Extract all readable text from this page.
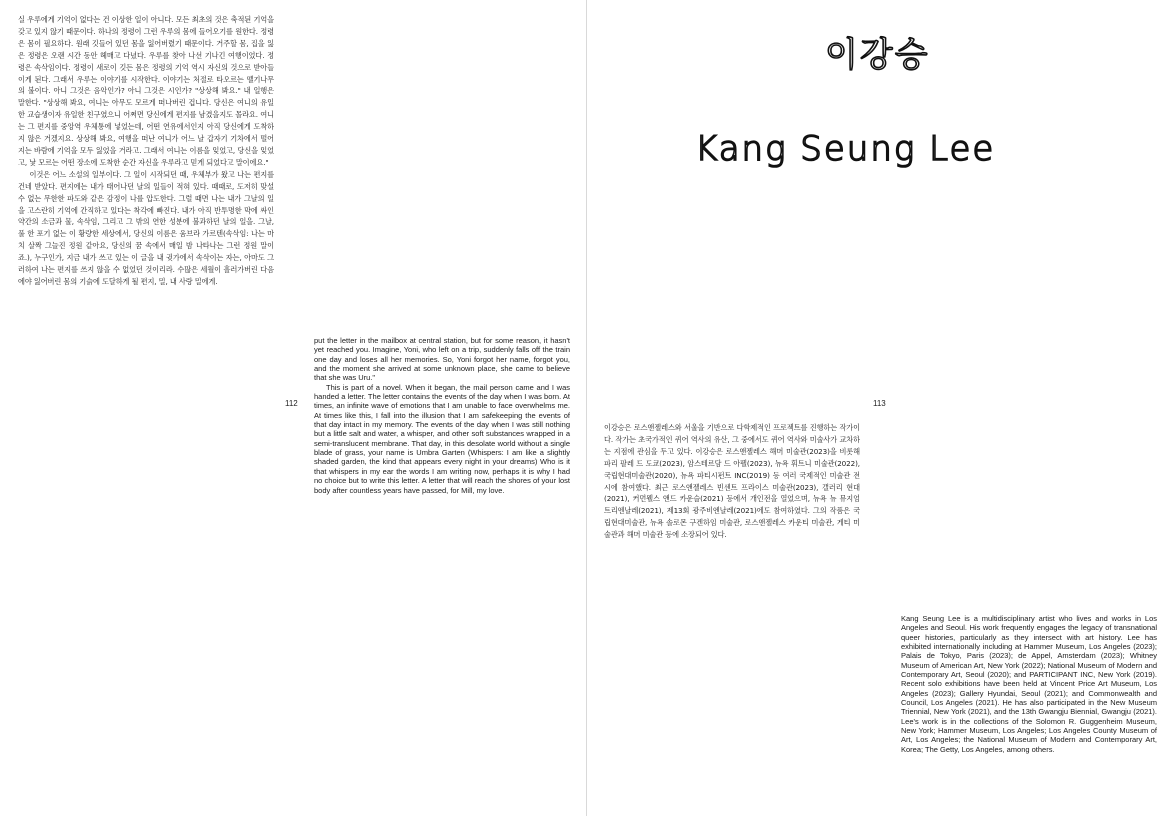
실 우루에게 기억이 없다는 건 이상한 일이 아니다. 모든 최초의 것은 축적된 기억을 갖고 있지 않기 때문이다. 하나의 정령이 그런 우루의 몸에 들어오기를 원한다. 정령은 몸이 필요하다. 원래 깃들어 있던 몸을 잃어버렸기 때문이다. 거주할 몸, 집을 잃은 정령은 오랜 시간 동안 헤매고 다녔다. 우루를 찾아 나선 기나긴 여행이었다. 정령은 속삭임이다. 정령이 새로이 깃든 몸은 정령의 기억 역시 자신의 것으로 받아들이게 된다. 그래서 우루는 이야기를 시작한다. 이야기는 처절로 타오르는 뗄기나무의 불이다. 아니 그것은 음악인가? 아니 그것은 시인가? "상상해 봐요." 내 일행은 말한다. "상상해 봐요, 여니는 아무도 모르게 떠나버린 겁니다. 당신은 여니의 유일한 교습생이자 유일한 친구였으니 어쩌면 당신에게 편지를 남겼을지도 몰라요. 여니는 그 편지를 중앙역 우체통에 넣었는데, 어떤 연유에서인지 아직 당신에게 도착하지 않은 거겠지요. 상상해 봐요, 여행을 떠난 여니가 어느 날 갑자기 기차에서 떨어지는 바람에 기억을 모두 잃었을 거라고. 그래서 여니는 이름을 잊었고, 당신을 잊었고, 낯 모르는 어떤 장소에 도착한 순간 자신을 우루라고 믿게 되었다고 말이에요."
이것은 어느 소설의 일부이다. 그 일이 시작되던 때, 우체부가 왔고 나는 편지를 건네 받았다. 편지에는 내가 태어나던 날의 일들이 적혀 있다. 때때로, 도저히 맞설 수 없는 무한한 파도와 같은 감정이 나를 압도한다. 그럴 때면 나는 내가 그날의 일을 고스란히 기억에 간직하고 있다는 착각에 빠진다. 내가 아직 반투명한 막에 싸인 약간의 소금과 물, 속삭임, 그리고 그 밖의 연한 성분에 불과하던 날의 일을. 그날, 풀 한 포기 없는 이 황량한 세상에서, 당신의 이름은 움브라 가르텐(속삭임: 나는 마치 살짝 그늘진 정원 같아요, 당신의 꿈 속에서 매일 밤 나타나는 그런 정원 말이죠.), 누구인가, 지금 내가 쓰고 있는 이 글을 내 귓가에서 속삭이는 자는, 아마도 그러하여 나는 편지를 쓰지 않을 수 없었던 것이리라. 수많은 세월이 흘러가버린 다음에야 잃어버린 몸의 기슭에 도달하게 될 편지, 밀, 내 사랑 밀에게.

put the letter in the mailbox at central station, but for some reason, it hasn't yet reached you. Imagine, Yoni, who left on a trip, suddenly falls off the train one day and loses all her memories. So, Yoni forgot her name, forgot you, and the moment she arrived at some unknown place, she came to believe that she was Uru."
This is part of a novel. When it began, the mail person came and I was handed a letter. The letter contains the events of the day when I was born. At times, an infinite wave of emotions that I am unable to face overwhelms me. At times like this, I fall into the illusion that I am safekeeping the events of that day intact in my memory. The events of the day when I was still nothing but a little salt and water, a whisper, and other soft substances wrapped in a semi-translucent membrane. That day, in this desolate world without a single blade of grass, your name is Umbra Garten (Whispers: I am like a slightly shaded garden, the kind that appears every night in your dreams) Who is it that whispers in my ear the words I am writing now, perhaps it is why I had no choice but to write this letter. A letter that will reach the shores of your lost body after countless years have passed, for Mill, my love.

112
이강승
Kang Seung Lee
113

이강승은 로스앤젤레스와 서울을 기반으로 다학제적인 프로젝트를 진행하는 작가이다. 작가는 초국가적인 퀴어 역사의 유산, 그 중에서도 퀴어 역사와 미술사가 교차하는 지점에 관심을 두고 있다. 이강승은 로스앤젤레스 해머 미술관(2023)을 비롯해 파리 팔레 드 도쿄(2023), 암스테르담 드 아펠(2023), 뉴욕 휘트니 미술관(2022), 국립현대미술관(2020), 뉴욕 파티시펀트 INC(2019) 등 여러 국제적인 미술관 전시에 참여했다. 최근 로스앤젤레스 빈센트 프라이스 미술관(2023), 갤러리 현대(2021), 커먼웰스 앤드 카운슬(2021) 등에서 개인전을 열었으며, 뉴욕 뉴 뮤지엄 트리엔날레(2021), 제13회 광주비엔날레(2021)에도 참여하였다. 그의 작품은 국립현대미술관, 뉴욕 솔로몬 구겐하임 미술관, 로스앤젤레스 카운티 미술관, 게티 미술관과 해머 미술관 등에 소장되어 있다.

Kang Seung Lee is a multidisciplinary artist who lives and works in Los Angeles and Seoul. His work frequently engages the legacy of transnational queer histories, particularly as they intersect with art history. Lee has exhibited internationally including at Hammer Museum, Los Angeles (2023); Palais de Tokyo, Paris (2023); de Appel, Amsterdam (2023); Whitney Museum of American Art, New York (2022); National Museum of Modern and Contemporary Art, Seoul (2020); and PARTICIPANT INC, New York (2019). Recent solo exhibitions have been held at Vincent Price Art Museum, Los Angeles (2023); Gallery Hyundai, Seoul (2021); and Commonwealth and Council, Los Angeles (2021). He has also participated in the New Museum Triennial, New York (2021), and the 13th Gwangju Biennial, Gwangju (2021). Lee's work is in the collections of the Solomon R. Guggenheim Museum, New York; Hammer Museum, Los Angeles; Los Angeles County Museum of Art, Los Angeles; the National Museum of Modern and Contemporary Art, Korea; The Getty, Los Angeles, among others.
